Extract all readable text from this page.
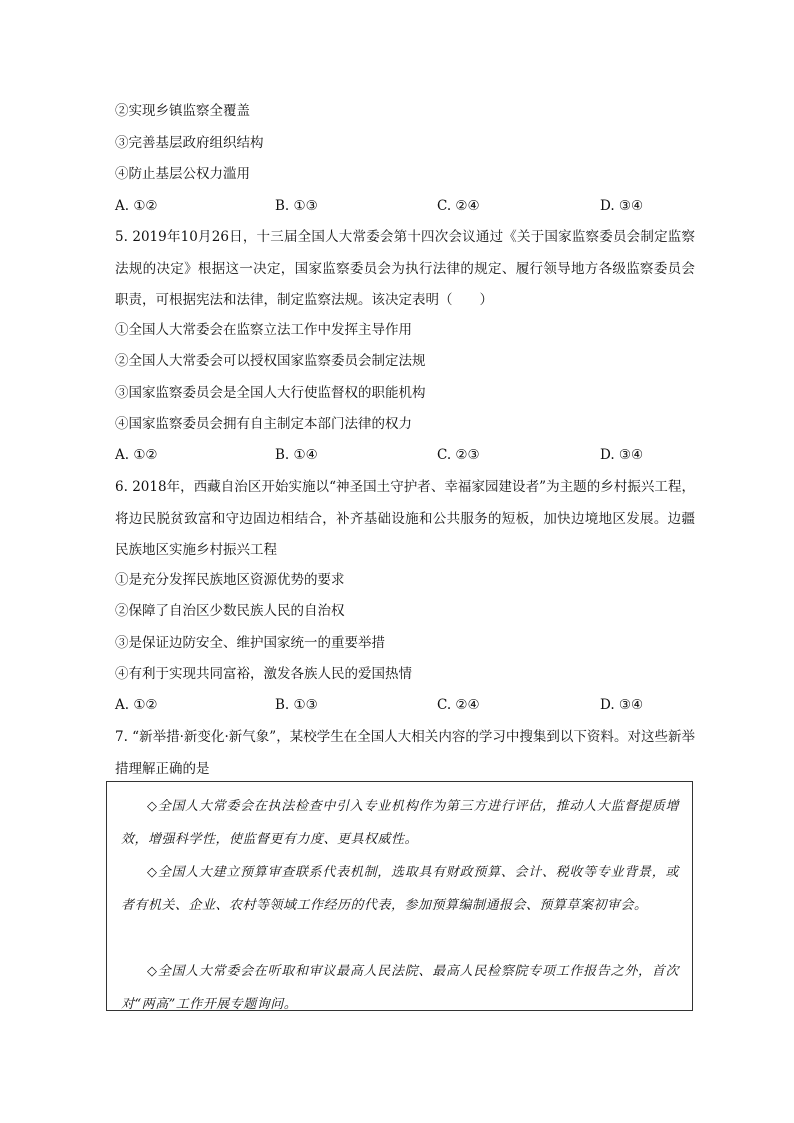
②实现乡镇监察全覆盖
③完善基层政府组织结构
④防止基层公权力滥用
A. ①②	B. ①③	C. ②④	D. ③④
5. 2019年10月26日，十三届全国人大常委会第十四次会议通过《关于国家监察委员会制定监察法规的决定》根据这一决定，国家监察委员会为执行法律的规定、履行领导地方各级监察委员会职责，可根据宪法和法律，制定监察法规。该决定表明（　　）
①全国人大常委会在监察立法工作中发挥主导作用
②全国人大常委会可以授权国家监察委员会制定法规
③国家监察委员会是全国人大行使监督权的职能机构
④国家监察委员会拥有自主制定本部门法律的权力
A. ①②	B. ①④	C. ②③	D. ③④
6. 2018年，西藏自治区开始实施以“神圣国土守护者、幸福家园建设者”为主题的乡村振兴工程，将边民脱贫致富和守边固边相结合，补齐基础设施和公共服务的短板，加快边境地区发展。边疆民族地区实施乡村振兴工程
①是充分发挥民族地区资源优势的要求
②保障了自治区少数民族人民的自治权
③是保证边防安全、维护国家统一的重要举措
④有利于实现共同富裕，激发各族人民的爱国热情
A. ①②	B. ①③	C. ②④	D. ③④
7. “新举措·新变化·新气象”，某校学生在全国人大相关内容的学习中搜集到以下资料。对这些新举措理解正确的是

◇全国人大常委会在执法检查中引入专业机构作为第三方进行评估，推动人大监督提质增效，增强科学性，使监督更有力度、更具权威性。

◇全国人大建立预算审查联系代表机制，选取具有财政预算、会计、税收等专业背景，或者有机关、企业、农村等领域工作经历的代表，参加预算编制通报会、预算草案初审会。

◇全国人大常委会在听取和审议最高人民法院、最高人民检察院专项工作报告之外，首次对“两高”工作开展专题询问。
